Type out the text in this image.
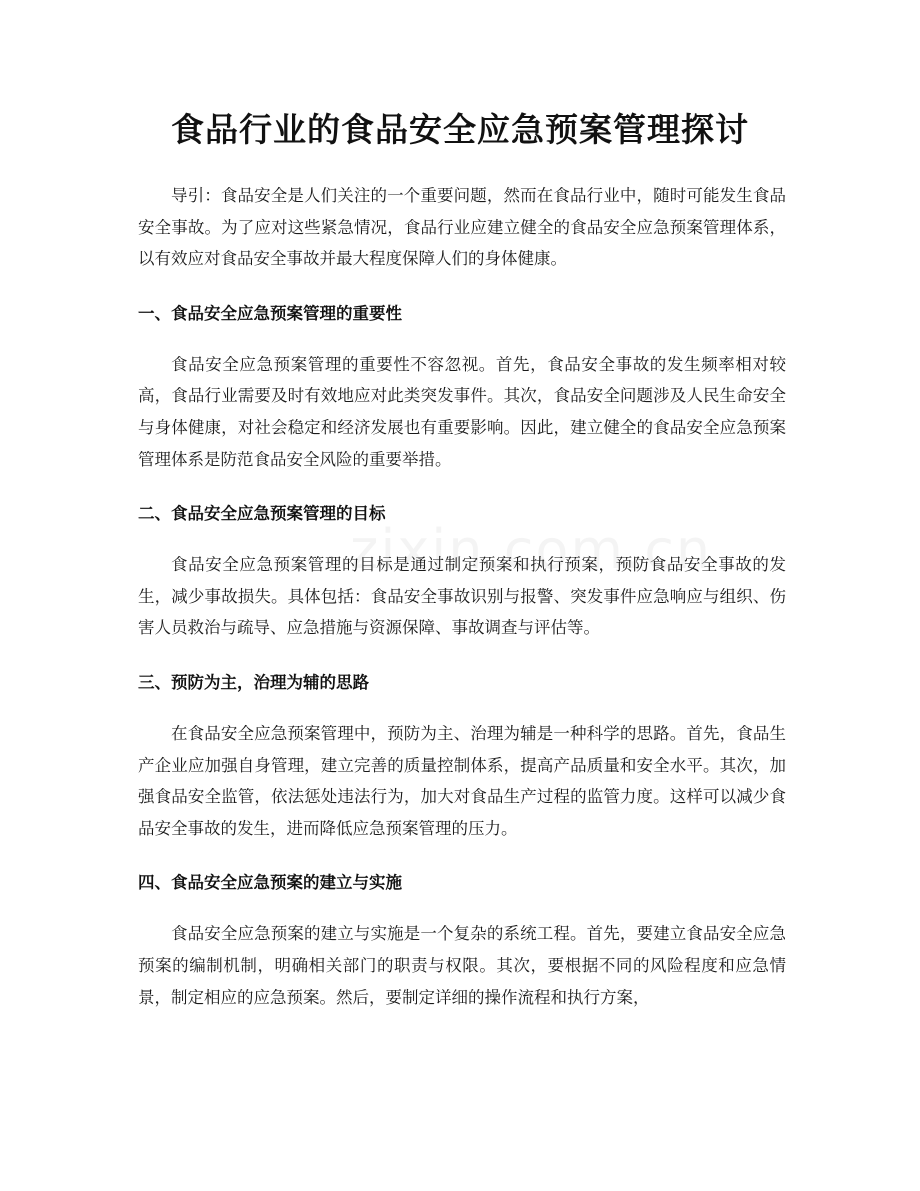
食品行业的食品安全应急预案管理探讨

导引：食品安全是人们关注的一个重要问题，然而在食品行业中，随时可能发生食品安全事故。为了应对这些紧急情况，食品行业应建立健全的食品安全应急预案管理体系，以有效应对食品安全事故并最大程度保障人们的身体健康。

一、食品安全应急预案管理的重要性

食品安全应急预案管理的重要性不容忽视。首先，食品安全事故的发生频率相对较高，食品行业需要及时有效地应对此类突发事件。其次，食品安全问题涉及人民生命安全与身体健康，对社会稳定和经济发展也有重要影响。因此，建立健全的食品安全应急预案管理体系是防范食品安全风险的重要举措。

二、食品安全应急预案管理的目标

食品安全应急预案管理的目标是通过制定预案和执行预案，预防食品安全事故的发生，减少事故损失。具体包括：食品安全事故识别与报警、突发事件应急响应与组织、伤害人员救治与疏导、应急措施与资源保障、事故调查与评估等。

三、预防为主，治理为辅的思路

在食品安全应急预案管理中，预防为主、治理为辅是一种科学的思路。首先，食品生产企业应加强自身管理，建立完善的质量控制体系，提高产品质量和安全水平。其次，加强食品安全监管，依法惩处违法行为，加大对食品生产过程的监管力度。这样可以减少食品安全事故的发生，进而降低应急预案管理的压力。

四、食品安全应急预案的建立与实施

食品安全应急预案的建立与实施是一个复杂的系统工程。首先，要建立食品安全应急预案的编制机制，明确相关部门的职责与权限。其次，要根据不同的风险程度和应急情景，制定相应的应急预案。然后，要制定详细的操作流程和执行方案，
